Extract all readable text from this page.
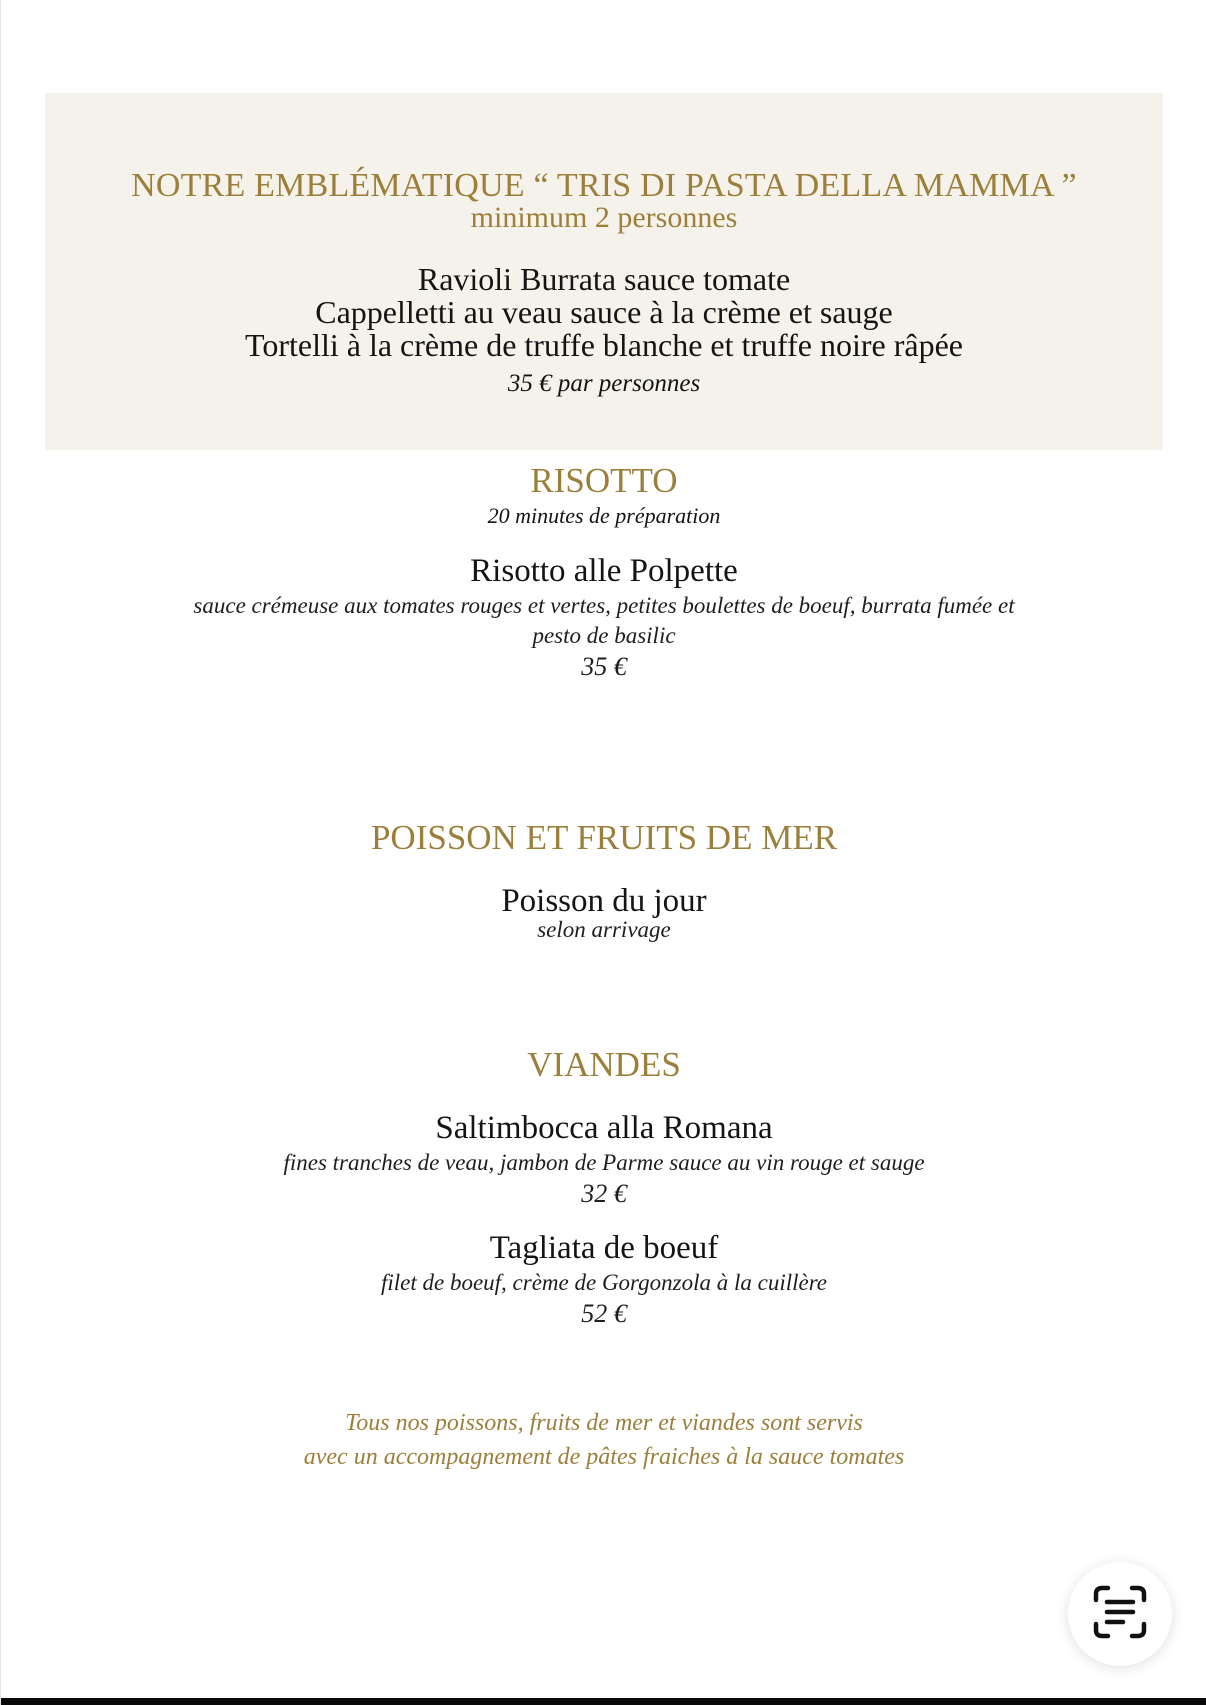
NOTRE EMBLÉMATIQUE “ TRIS DI PASTA DELLA MAMMA ”
minimum 2 personnes
Ravioli Burrata sauce tomate
Cappelletti au veau sauce à la crème et sauge
Tortelli à la crème de truffe blanche et truffe noire râpée
35 € par personnes
RISOTTO
20 minutes de préparation
Risotto alle Polpette
sauce crémeuse aux tomates rouges et vertes, petites boulettes de boeuf, burrata fumée et
pesto de basilic
35 €
POISSON ET FRUITS DE MER
Poisson du jour
selon arrivage
VIANDES
Saltimbocca alla Romana
fines tranches de veau, jambon de Parme sauce au vin rouge et sauge
32 €
Tagliata de boeuf
filet de boeuf, crème de Gorgonzola à la cuillère
52 €
Tous nos poissons, fruits de mer et viandes sont servis
avec un accompagnement de pâtes fraiches à la sauce tomates
